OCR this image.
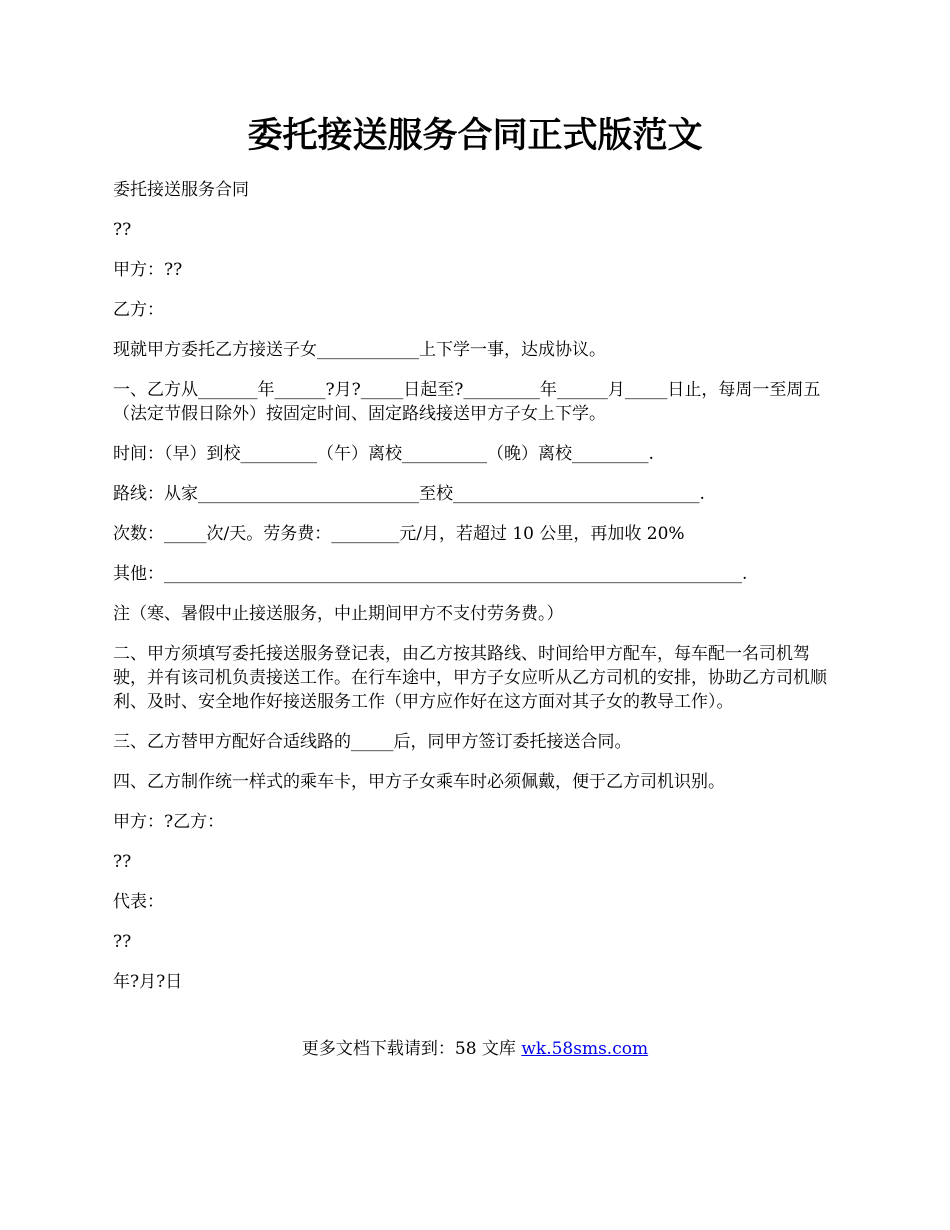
委托接送服务合同正式版范文

委托接送服务合同

??

甲方：??

乙方：

现就甲方委托乙方接送子女____________上下学一事，达成协议。

一、乙方从_______年______?月?_____日起至?_________年______月_____日止，每周一至周五（法定节假日除外）按固定时间、固定路线接送甲方子女上下学。

时间：（早）到校_________（午）离校__________（晚）离校_________.

路线：从家__________________________至校_____________________________.

次数：_____次/天。劳务费：________元/月，若超过 10 公里，再加收 20%

其他：____________________________________________________________________.

注（寒、暑假中止接送服务，中止期间甲方不支付劳务费。）

二、甲方须填写委托接送服务登记表，由乙方按其路线、时间给甲方配车，每车配一名司机驾驶，并有该司机负责接送工作。在行车途中，甲方子女应听从乙方司机的安排，协助乙方司机顺利、及时、安全地作好接送服务工作（甲方应作好在这方面对其子女的教导工作）。

三、乙方替甲方配好合适线路的_____后，同甲方签订委托接送合同。

四、乙方制作统一样式的乘车卡，甲方子女乘车时必须佩戴，便于乙方司机识别。

甲方：?乙方：

??

代表：

??

年?月?日

更多文档下载请到：58 文库 wk.58sms.com
